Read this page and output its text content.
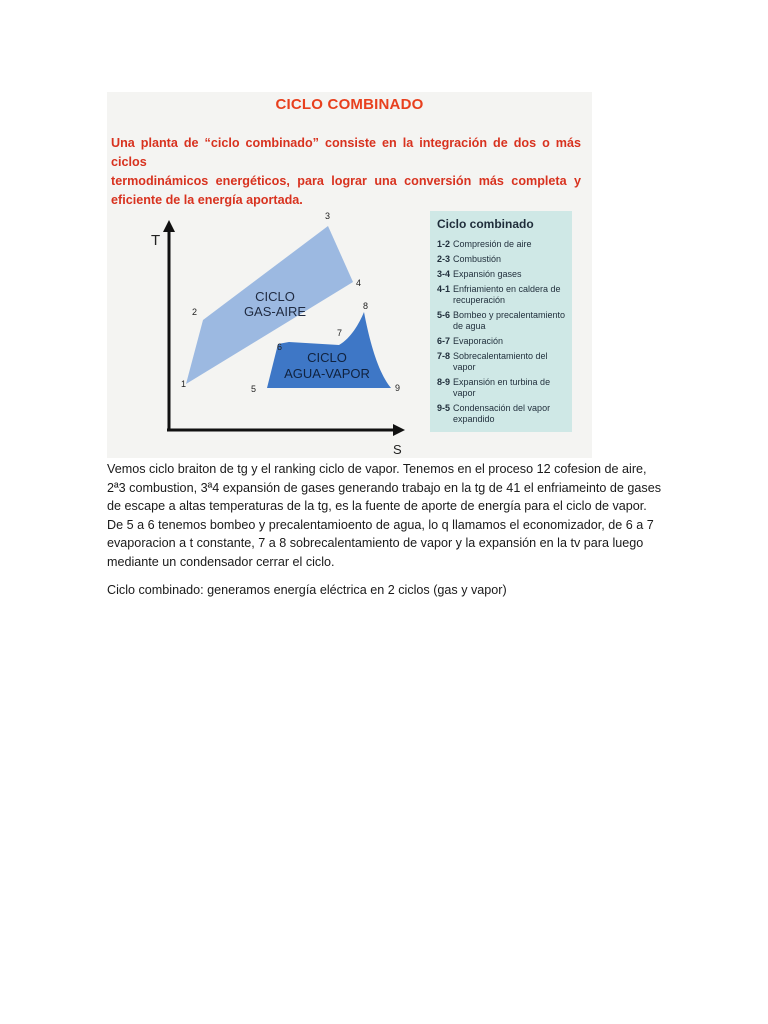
CICLO COMBINADO
Una planta de “ciclo combinado” consiste en la integración de dos o más ciclos
termodinámicos energéticos, para lograr una conversión más completa y
eficiente de la energía aportada.
T
S
CICLO
GAS-AIRE
CICLO
AGUA-VAPOR
1
2
3
4
5
6
7
8
9
Ciclo combinado
1-2 Compresión de aire
2-3 Combustión
3-4 Expansión gases
4-1 Enfriamiento en caldera de recuperación
5-6 Bombeo y precalentamiento de agua
6-7 Evaporación
7-8 Sobrecalentamiento del vapor
8-9 Expansión en turbina de vapor
9-5 Condensación del vapor expandido

Vemos ciclo braiton de tg y el ranking ciclo de vapor. Tenemos en el proceso 12 cofesion de aire, 2ª3 combustion, 3ª4 expansión de gases generando trabajo en la tg de 41 el enfriameinto de gases de escape a altas temperaturas de la tg, es la fuente de aporte de energía para el ciclo de vapor. De 5 a 6 tenemos bombeo y precalentamioento de agua, lo q llamamos el economizador, de 6 a 7 evaporacion a t constante, 7 a 8 sobrecalentamiento de vapor y la expansión en la tv para luego mediante un condensador cerrar el ciclo.

Ciclo combinado: generamos energía eléctrica en 2 ciclos (gas y vapor)
